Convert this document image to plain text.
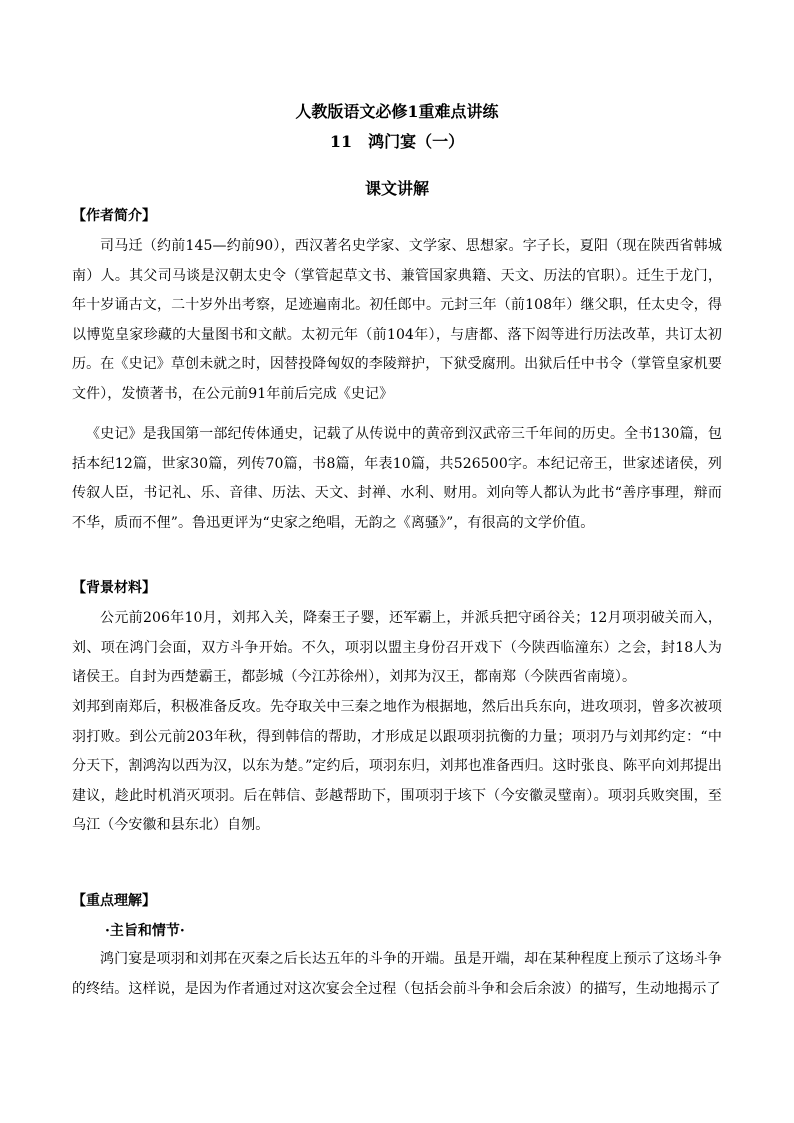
人教版语文必修1重难点讲练
11　鸿门宴（一）
课文讲解
【作者简介】

司马迁（约前145—约前90），西汉著名史学家、文学家、思想家。字子长，夏阳（现在陕西省韩城南）人。其父司马谈是汉朝太史令（掌管起草文书、兼管国家典籍、天文、历法的官职）。迁生于龙门，年十岁诵古文，二十岁外出考察，足迹遍南北。初任郎中。元封三年（前108年）继父职，任太史令，得以博览皇家珍藏的大量图书和文献。太初元年（前104年），与唐都、落下闳等进行历法改革，共订太初历。在《史记》草创未就之时，因替投降匈奴的李陵辩护，下狱受腐刑。出狱后任中书令（掌管皇家机要文件），发愤著书，在公元前91年前后完成《史记》

《史记》是我国第一部纪传体通史，记载了从传说中的黄帝到汉武帝三千年间的历史。全书130篇，包括本纪12篇，世家30篇，列传70篇，书8篇，年表10篇，共526500字。本纪记帝王，世家述诸侯，列传叙人臣，书记礼、乐、音律、历法、天文、封禅、水利、财用。刘向等人都认为此书“善序事理，辩而不华，质而不俚”。鲁迅更评为“史家之绝唱，无韵之《离骚》”，有很高的文学价值。

【背景材料】

公元前206年10月，刘邦入关，降秦王子婴，还军霸上，并派兵把守函谷关；12月项羽破关而入，刘、项在鸿门会面，双方斗争开始。不久，项羽以盟主身份召开戏下（今陕西临潼东）之会，封18人为诸侯王。自封为西楚霸王，都彭城（今江苏徐州），刘邦为汉王，都南郑（今陕西省南境）。

刘邦到南郑后，积极准备反攻。先夺取关中三秦之地作为根据地，然后出兵东向，进攻项羽，曾多次被项羽打败。到公元前203年秋，得到韩信的帮助，才形成足以跟项羽抗衡的力量；项羽乃与刘邦约定：“中分天下，割鸿沟以西为汉，以东为楚。”定约后，项羽东归，刘邦也准备西归。这时张良、陈平向刘邦提出建议，趁此时机消灭项羽。后在韩信、彭越帮助下，围项羽于垓下（今安徽灵璧南）。项羽兵败突围，至乌江（今安徽和县东北）自刎。

【重点理解】
·主旨和情节·

鸿门宴是项羽和刘邦在灭秦之后长达五年的斗争的开端。虽是开端，却在某种程度上预示了这场斗争的终结。这样说，是因为作者通过对这次宴会全过程（包括会前斗争和会后余波）的描写，生动地揭示了
